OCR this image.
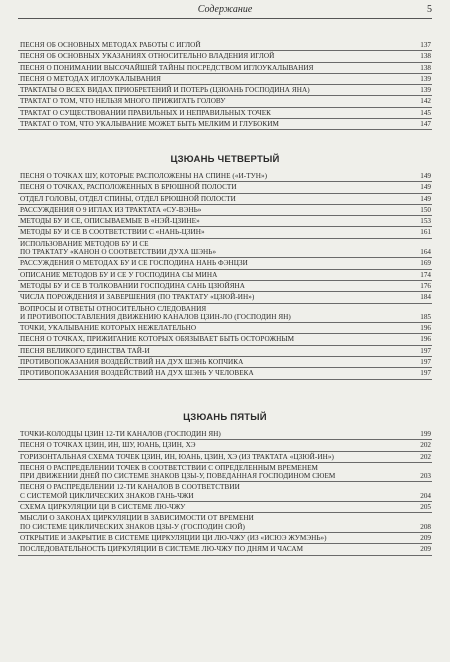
Содержание	5
ПЕСНЯ ОБ ОСНОВНЫХ МЕТОДАХ РАБОТЫ С ИГЛОЙ	137
ПЕСНЯ ОБ ОСНОВНЫХ УКАЗАНИЯХ ОТНОСИТЕЛЬНО ВЛАДЕНИЯ ИГЛОЙ	138
ПЕСНЯ О ПОНИМАНИИ ВЫСОЧАЙШЕЙ ТАЙНЫ ПОСРЕДСТВОМ ИГЛОУКАЛЫВАНИЯ	138
ПЕСНЯ О МЕТОДАХ ИГЛОУКАЛЫВАНИЯ	139
ТРАКТАТЫ О ВСЕХ ВИДАХ ПРИОБРЕТЕНИЙ И ПОТЕРЬ (ЦЗЮАНЬ ГОСПОДИНА ЯНА)	139
ТРАКТАТ О ТОМ, ЧТО НЕЛЬЗЯ МНОГО ПРИЖИГАТЬ ГОЛОВУ	142
ТРАКТАТ О СУЩЕСТВОВАНИИ ПРАВИЛЬНЫХ И НЕПРАВИЛЬНЫХ ТОЧЕК	145
ТРАКТАТ О ТОМ, ЧТО УКАЛЫВАНИЕ МОЖЕТ БЫТЬ МЕЛКИМ И ГЛУБОКИМ	147
ЦЗЮАНЬ ЧЕТВЕРТЫЙ
ПЕСНЯ О ТОЧКАХ ШУ, КОТОРЫЕ РАСПОЛОЖЕНЫ НА СПИНЕ («И-ТУН»)	149
ПЕСНЯ О ТОЧКАХ, РАСПОЛОЖЕННЫХ В БРЮШНОЙ ПОЛОСТИ	149
ОТДЕЛ ГОЛОВЫ, ОТДЕЛ СПИНЫ, ОТДЕЛ БРЮШНОЙ ПОЛОСТИ	149
РАССУЖДЕНИЯ О 9 ИГЛАХ ИЗ ТРАКТАТА «СУ-ВЭНЬ»	150
МЕТОДЫ БУ И СЕ, ОПИСЫВАЕМЫЕ В «НЭЙ-ЦЗИНЕ»	153
МЕТОДЫ БУ И СЕ В СООТВЕТСТВИИ С «НАНЬ-ЦЗИН»	161
ИСПОЛЬЗОВАНИЕ МЕТОДОВ БУ И СЕ
ПО ТРАКТАТУ «КАНОН О СООТВЕТСТВИИ ДУХА ШЭНЬ»	164
РАССУЖДЕНИЯ О МЕТОДАХ БУ И СЕ ГОСПОДИНА НАНЬ ФЭНЦЗИ	169
ОПИСАНИЕ МЕТОДОВ БУ И СЕ У ГОСПОДИНА СЫ МИНА	174
МЕТОДЫ БУ И СЕ В ТОЛКОВАНИИ ГОСПОДИНА САНЬ ЦЗЮЙЯНА	176
ЧИСЛА ПОРОЖДЕНИЯ И ЗАВЕРШЕНИЯ (ПО ТРАКТАТУ «ЦЗЮЙ-ИН»)	184
ВОПРОСЫ И ОТВЕТЫ ОТНОСИТЕЛЬНО СЛЕДОВАНИЯ
И ПРОТИВОПОСТАВЛЕНИЯ ДВИЖЕНИЮ КАНАЛОВ ЦЗИН-ЛО (ГОСПОДИН ЯН)	185
ТОЧКИ, УКАЛЫВАНИЕ КОТОРЫХ НЕЖЕЛАТЕЛЬНО	196
ПЕСНЯ О ТОЧКАХ, ПРИЖИГАНИЕ КОТОРЫХ ОБЯЗЫВАЕТ БЫТЬ ОСТОРОЖНЫМ	196
ПЕСНЯ ВЕЛИКОГО ЕДИНСТВА ТАЙ-И	197
ПРОТИВОПОКАЗАНИЯ ВОЗДЕЙСТВИЙ НА ДУХ ШЭНЬ КОПЧИКА	197
ПРОТИВОПОКАЗАНИЯ ВОЗДЕЙСТВИЙ НА ДУХ ШЭНЬ У ЧЕЛОВЕКА	197
ЦЗЮАНЬ ПЯТЫЙ
ТОЧКИ-КОЛОДЦЫ ЦЗИН 12-ТИ КАНАЛОВ (ГОСПОДИН ЯН)	199
ПЕСНЯ О ТОЧКАХ ЦЗИН, ИН, ШУ, ЮАНЬ, ЦЗИН, ХЭ	202
ГОРИЗОНТАЛЬНАЯ СХЕМА ТОЧЕК ЦЗИН, ИН, ЮАНЬ, ЦЗИН, ХЭ (ИЗ ТРАКТАТА «ЦЗЮЙ-ИН»)	202
ПЕСНЯ О РАСПРЕДЕЛЕНИИ ТОЧЕК В СООТВЕТСТВИИ С ОПРЕДЕЛЕННЫМ ВРЕМЕНЕМ
ПРИ ДВИЖЕНИИ ДНЕЙ ПО СИСТЕМЕ ЗНАКОВ ЦЗЫ-У, ПОВЕДАННАЯ ГОСПОДИНОМ СЮЕМ	203
ПЕСНЯ О РАСПРЕДЕЛЕНИИ 12-ТИ КАНАЛОВ В СООТВЕТСТВИИ
С СИСТЕМОЙ ЦИКЛИЧЕСКИХ ЗНАКОВ ГАНЬ-ЧЖИ	204
СХЕМА ЦИРКУЛЯЦИИ ЦИ В СИСТЕМЕ ЛЮ-ЧЖУ	205
МЫСЛИ О ЗАКОНАХ ЦИРКУЛЯЦИИ В ЗАВИСИМОСТИ ОТ ВРЕМЕНИ
ПО СИСТЕМЕ ЦИКЛИЧЕСКИХ ЗНАКОВ ЦЗЫ-У (ГОСПОДИН СЮЙ)	208
ОТКРЫТИЕ И ЗАКРЫТИЕ В СИСТЕМЕ ЦИРКУЛЯЦИИ ЦИ ЛЮ-ЧЖУ (ИЗ «ИСЮЭ ЖУМЭНЬ»)	209
ПОСЛЕДОВАТЕЛЬНОСТЬ ЦИРКУЛЯЦИИ В СИСТЕМЕ ЛЮ-ЧЖУ ПО ДНЯМ И ЧАСАМ	209
